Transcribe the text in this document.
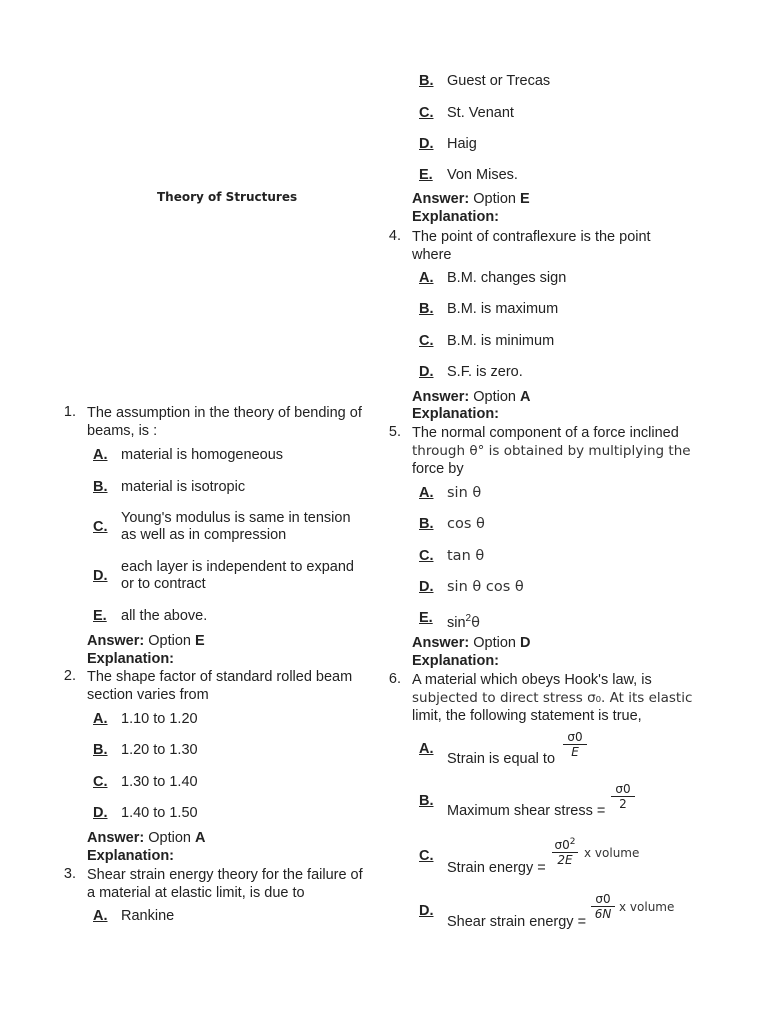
Theory of Structures
1. The assumption in the theory of bending of
beams, is :
A. material is homogeneous
B. material is isotropic
C.
Young's modulus is same in tension
as well as in compression
D.
each layer is independent to expand
or to contract
E. all the above.
Answer: Option E
Explanation:
2. The shape factor of standard rolled beam
section varies from
A. 1.10 to 1.20
B. 1.20 to 1.30
C. 1.30 to 1.40
D. 1.40 to 1.50
Answer: Option A
Explanation:
3. Shear strain energy theory for the failure of
a material at elastic limit, is due to
A. Rankine
B. Guest or Trecas
C. St. Venant
D. Haig
E. Von Mises.
Answer: Option E
Explanation:
4. The point of contraflexure is the point
where
A. B.M. changes sign
B. B.M. is maximum
C. B.M. is minimum
D. S.F. is zero.
Answer: Option A
Explanation:
5. The normal component of a force inclined
through θ° is obtained by multiplying the
force by
A. sin θ
B. cos θ
C. tan θ
D. sin θ cos θ
E. $\sin^2\theta$
Answer: Option D
Explanation:
6. A material which obeys Hook's law, is
subjected to direct stress σ₀. At its elastic
limit, the following statement is true,
A.
Strain is equal to $\frac{\sigma 0}{E}$
B.
Maximum shear stress = $\frac{\sigma 0}{2}$
C.
Strain energy =
$\frac{\sigma 0^2}{2E}$ x volume
D.
Shear strain energy =
$\frac{\sigma 0}{6N}$ x volume
